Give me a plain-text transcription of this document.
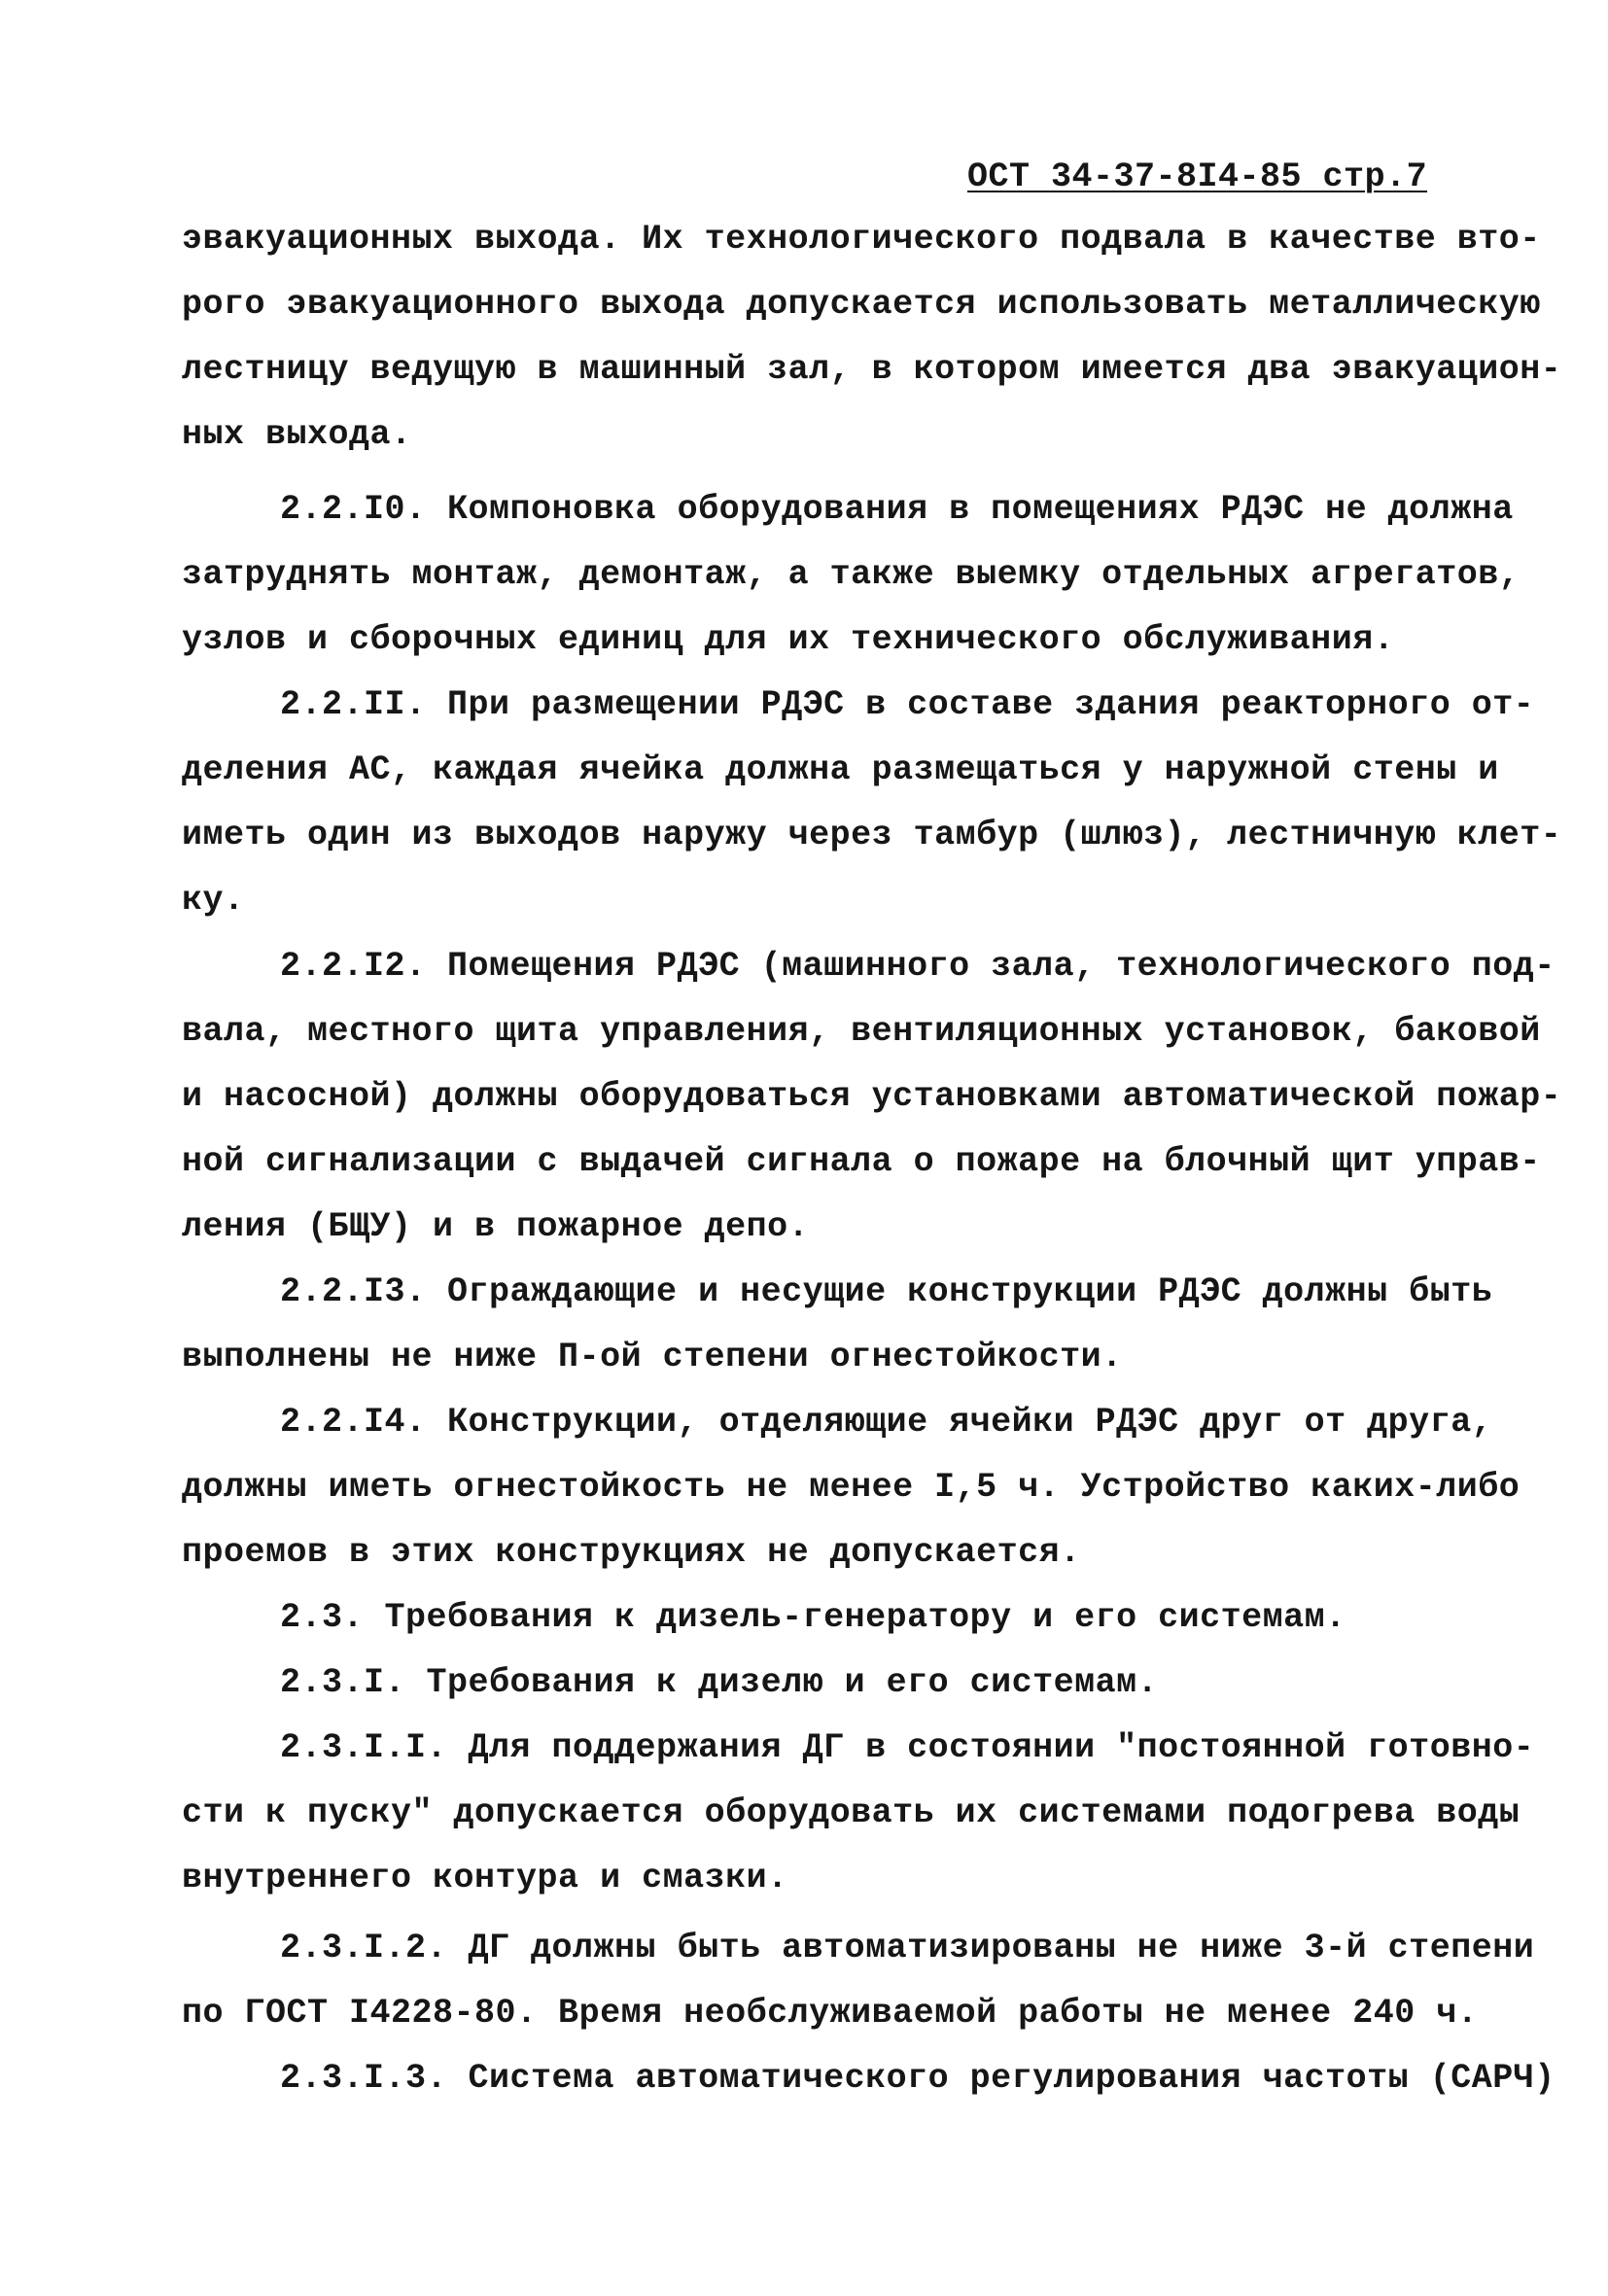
ОСТ 34-37-8I4-85 стр.7
эвакуационных выхода. Их технологического подвала в качестве вто-
рого эвакуационного выхода допускается использовать металлическую
лестницу ведущую в машинный зал, в котором имеется два эвакуацион-
ных выхода.
2.2.I0. Компоновка оборудования в помещениях РДЭС не должна
затруднять монтаж, демонтаж, а также выемку отдельных агрегатов,
узлов и сборочных единиц для их технического обслуживания.
2.2.II. При размещении РДЭС в составе здания реакторного от-
деления АС, каждая ячейка должна размещаться у наружной стены и
иметь один из выходов наружу через тамбур (шлюз), лестничную клет-
ку.
2.2.I2. Помещения РДЭС (машинного зала, технологического под-
вала, местного щита управления, вентиляционных установок, баковой
и насосной) должны оборудоваться установками автоматической пожар-
ной сигнализации с выдачей сигнала о пожаре на блочный щит управ-
ления (БЩУ) и в пожарное депо.
2.2.I3. Ограждающие и несущие конструкции РДЭС должны быть
выполнены не ниже П-ой степени огнестойкости.
2.2.I4. Конструкции, отделяющие ячейки РДЭС друг от друга,
должны иметь огнестойкость не менее I,5 ч. Устройство каких-либо
проемов в этих конструкциях не допускается.
2.3. Требования к дизель-генератору и его системам.
2.3.I. Требования к дизелю и его системам.
2.3.I.I. Для поддержания ДГ в состоянии "постоянной готовно-
сти к пуску" допускается оборудовать их системами подогрева воды
внутреннего контура и смазки.
2.3.I.2. ДГ должны быть автоматизированы не ниже 3-й степени
по ГОСТ I4228-80. Время необслуживаемой работы не менее 240 ч.
2.3.I.3. Система автоматического регулирования частоты (САРЧ)
